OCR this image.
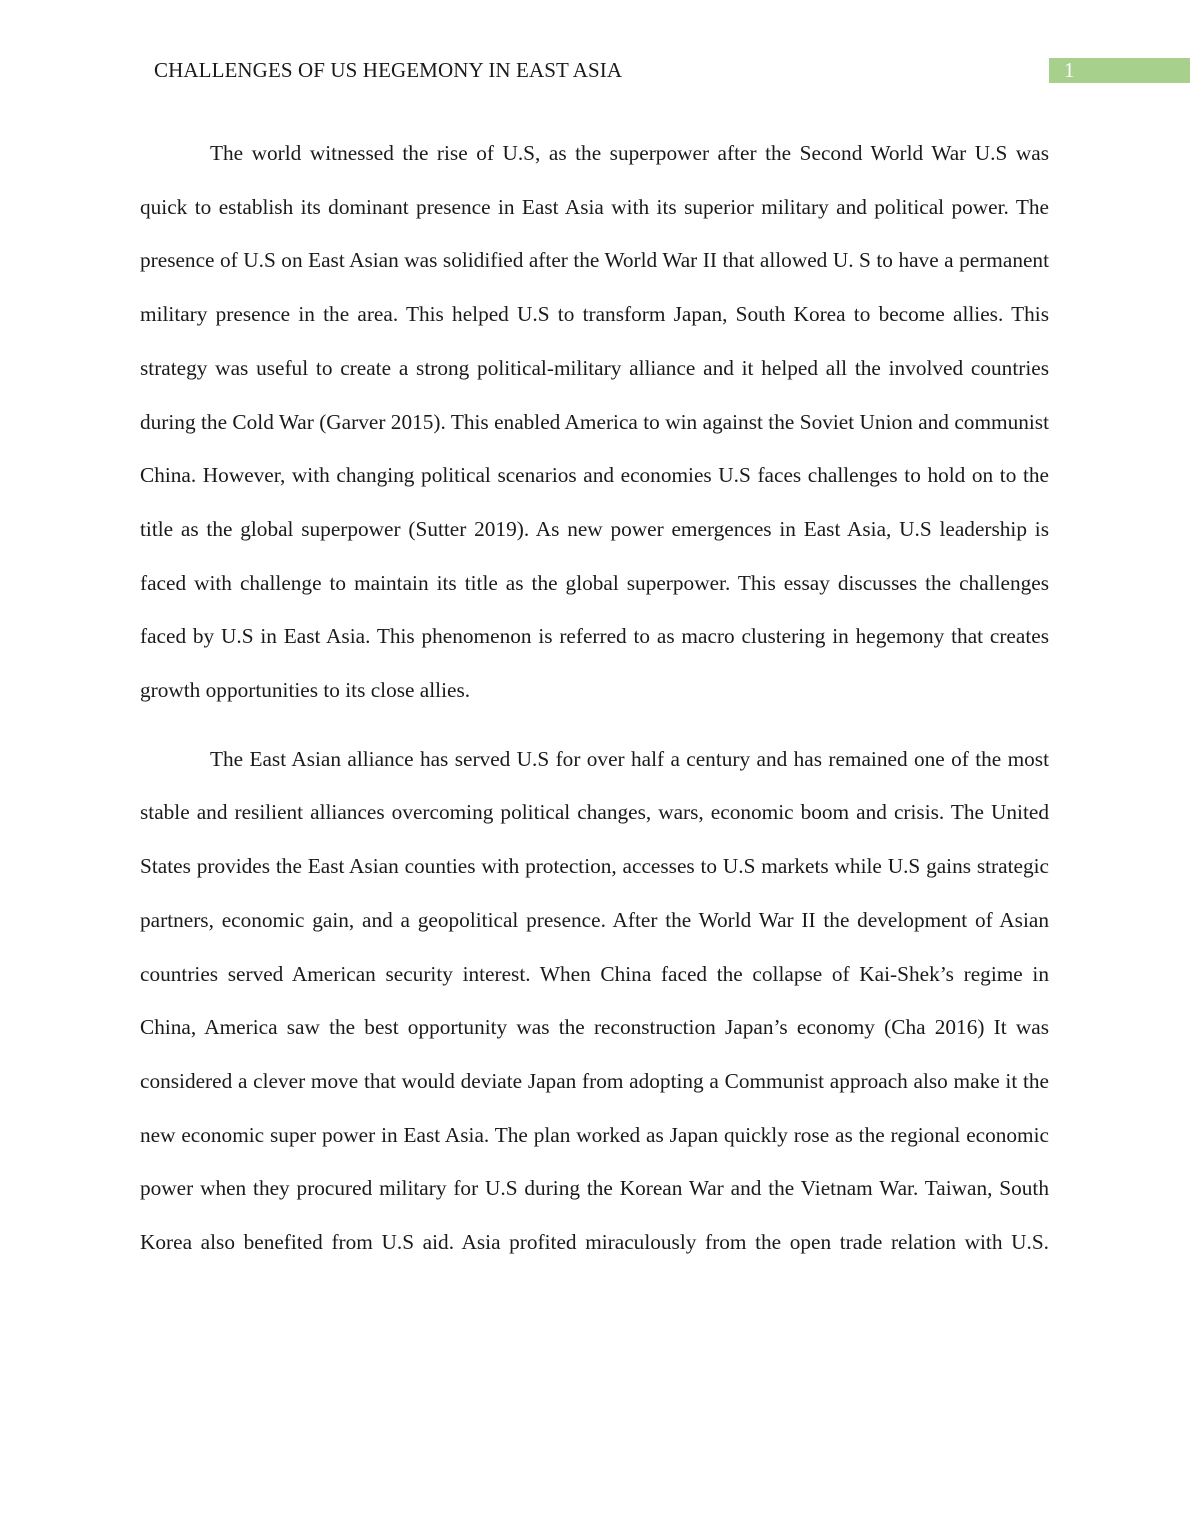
CHALLENGES OF US HEGEMONY IN EAST ASIA	1

The world witnessed the rise of U.S, as the superpower after the Second World War U.S was quick to establish its dominant presence in East Asia with its superior military and political power. The presence of U.S on East Asian was solidified after the World War II that allowed U. S to have a permanent military presence in the area. This helped U.S to transform Japan, South Korea to become allies. This strategy was useful to create a strong political-military alliance and it helped all the involved countries during the Cold War (Garver 2015). This enabled America to win against the Soviet Union and communist China. However, with changing political scenarios and economies U.S faces challenges to hold on to the title as the global superpower (Sutter 2019). As new power emergences in East Asia, U.S leadership is faced with challenge to maintain its title as the global superpower. This essay discusses the challenges faced by U.S in East Asia. This phenomenon is referred to as macro clustering in hegemony that creates growth opportunities to its close allies.

The East Asian alliance has served U.S for over half a century and has remained one of the most stable and resilient alliances overcoming political changes, wars, economic boom and crisis. The United States provides the East Asian counties with protection, accesses to U.S markets while U.S gains strategic partners, economic gain, and a geopolitical presence. After the World War II the development of Asian countries served American security interest. When China faced the collapse of Kai-Shek’s regime in China, America saw the best opportunity was the reconstruction Japan’s economy (Cha 2016) It was considered a clever move that would deviate Japan from adopting a Communist approach also make it the new economic super power in East Asia. The plan worked as Japan quickly rose as the regional economic power when they procured military for U.S during the Korean War and the Vietnam War. Taiwan, South Korea also benefited from U.S aid. Asia profited miraculously from the open trade relation with U.S.
